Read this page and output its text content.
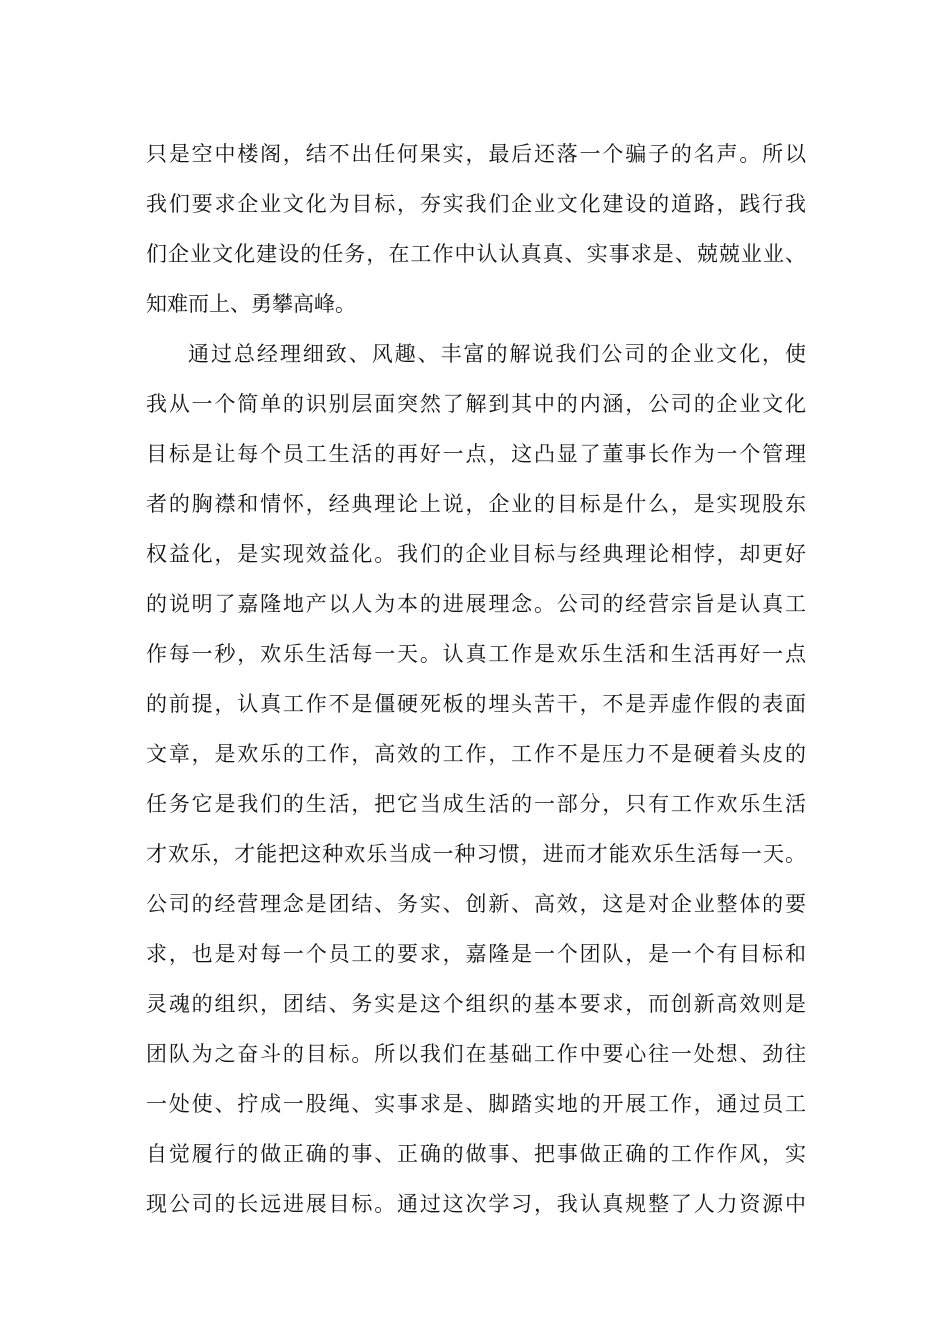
只是空中楼阁，结不出任何果实，最后还落一个骗子的名声。所以
我们要求企业文化为目标，夯实我们企业文化建设的道路，践行我
们企业文化建设的任务，在工作中认认真真、实事求是、兢兢业业、
知难而上、勇攀高峰。
通过总经理细致、风趣、丰富的解说我们公司的企业文化，使
我从一个简单的识别层面突然了解到其中的内涵，公司的企业文化
目标是让每个员工生活的再好一点，这凸显了董事长作为一个管理
者的胸襟和情怀，经典理论上说，企业的目标是什么，是实现股东
权益化，是实现效益化。我们的企业目标与经典理论相悖，却更好
的说明了嘉隆地产以人为本的进展理念。公司的经营宗旨是认真工
作每一秒，欢乐生活每一天。认真工作是欢乐生活和生活再好一点
的前提，认真工作不是僵硬死板的埋头苦干，不是弄虚作假的表面
文章，是欢乐的工作，高效的工作，工作不是压力不是硬着头皮的
任务它是我们的生活，把它当成生活的一部分，只有工作欢乐生活
才欢乐，才能把这种欢乐当成一种习惯，进而才能欢乐生活每一天。
公司的经营理念是团结、务实、创新、高效，这是对企业整体的要
求，也是对每一个员工的要求，嘉隆是一个团队，是一个有目标和
灵魂的组织，团结、务实是这个组织的基本要求，而创新高效则是
团队为之奋斗的目标。所以我们在基础工作中要心往一处想、劲往
一处使、拧成一股绳、实事求是、脚踏实地的开展工作，通过员工
自觉履行的做正确的事、正确的做事、把事做正确的工作作风，实
现公司的长远进展目标。通过这次学习，我认真规整了人力资源中
